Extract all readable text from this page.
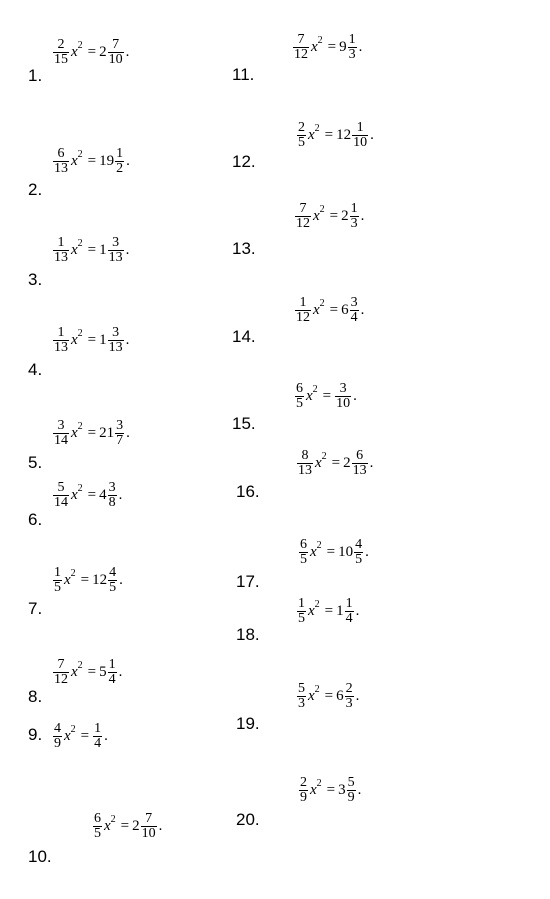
1.
$\frac{2}{15}$ x $2 = 2 \frac{7}{10}$ .
2.
$\frac{6}{13}$ x $2 = 19 \frac{1}{2}$ .
3.
$\frac{1}{13}$ x $2 = 1 \frac{3}{13}$ .
4.
$\frac{1}{13}$ x $2 = 1 \frac{3}{13}$ .
5.
$\frac{3}{14}$ x $2 = 21 \frac{3}{7}$ .
6.
$\frac{5}{14}$ x $2 = 4 \frac{3}{8}$ .
7.
$\frac{1}{5}$ x $2 = 12 \frac{4}{5}$ .
8.
$\frac{7}{12}$ x $2 = 5 \frac{1}{4}$ .
9. $\frac{4}{9}$ x $2 = \frac{1}{4}$ .
10.
$\frac{6}{5}$ x $2 = 2 \frac{7}{10}$ .
11.
$\frac{7}{12}$ x $2 = 9 \frac{1}{3}$ .
12.
$\frac{2}{5}$ x $2 = 12 \frac{1}{10}$ .
13.
$\frac{7}{12}$ x $2 = 2 \frac{1}{3}$ .
14.
$\frac{1}{12}$ x $2 = 6 \frac{3}{4}$ .
15.
$\frac{6}{5}$ x $2 = \frac{3}{10}$ .
16.
$\frac{8}{13}$ x $2 = 2 \frac{6}{13}$ .
17.
$\frac{6}{5}$ x $2 = 10 \frac{4}{5}$ .
18.
$\frac{1}{5}$ x $2 = 1 \frac{1}{4}$ .
19.
$\frac{5}{3}$ x $2 = 6 \frac{2}{3}$ .
20.
$\frac{2}{9}$ x $2 = 3 \frac{5}{9}$ .
